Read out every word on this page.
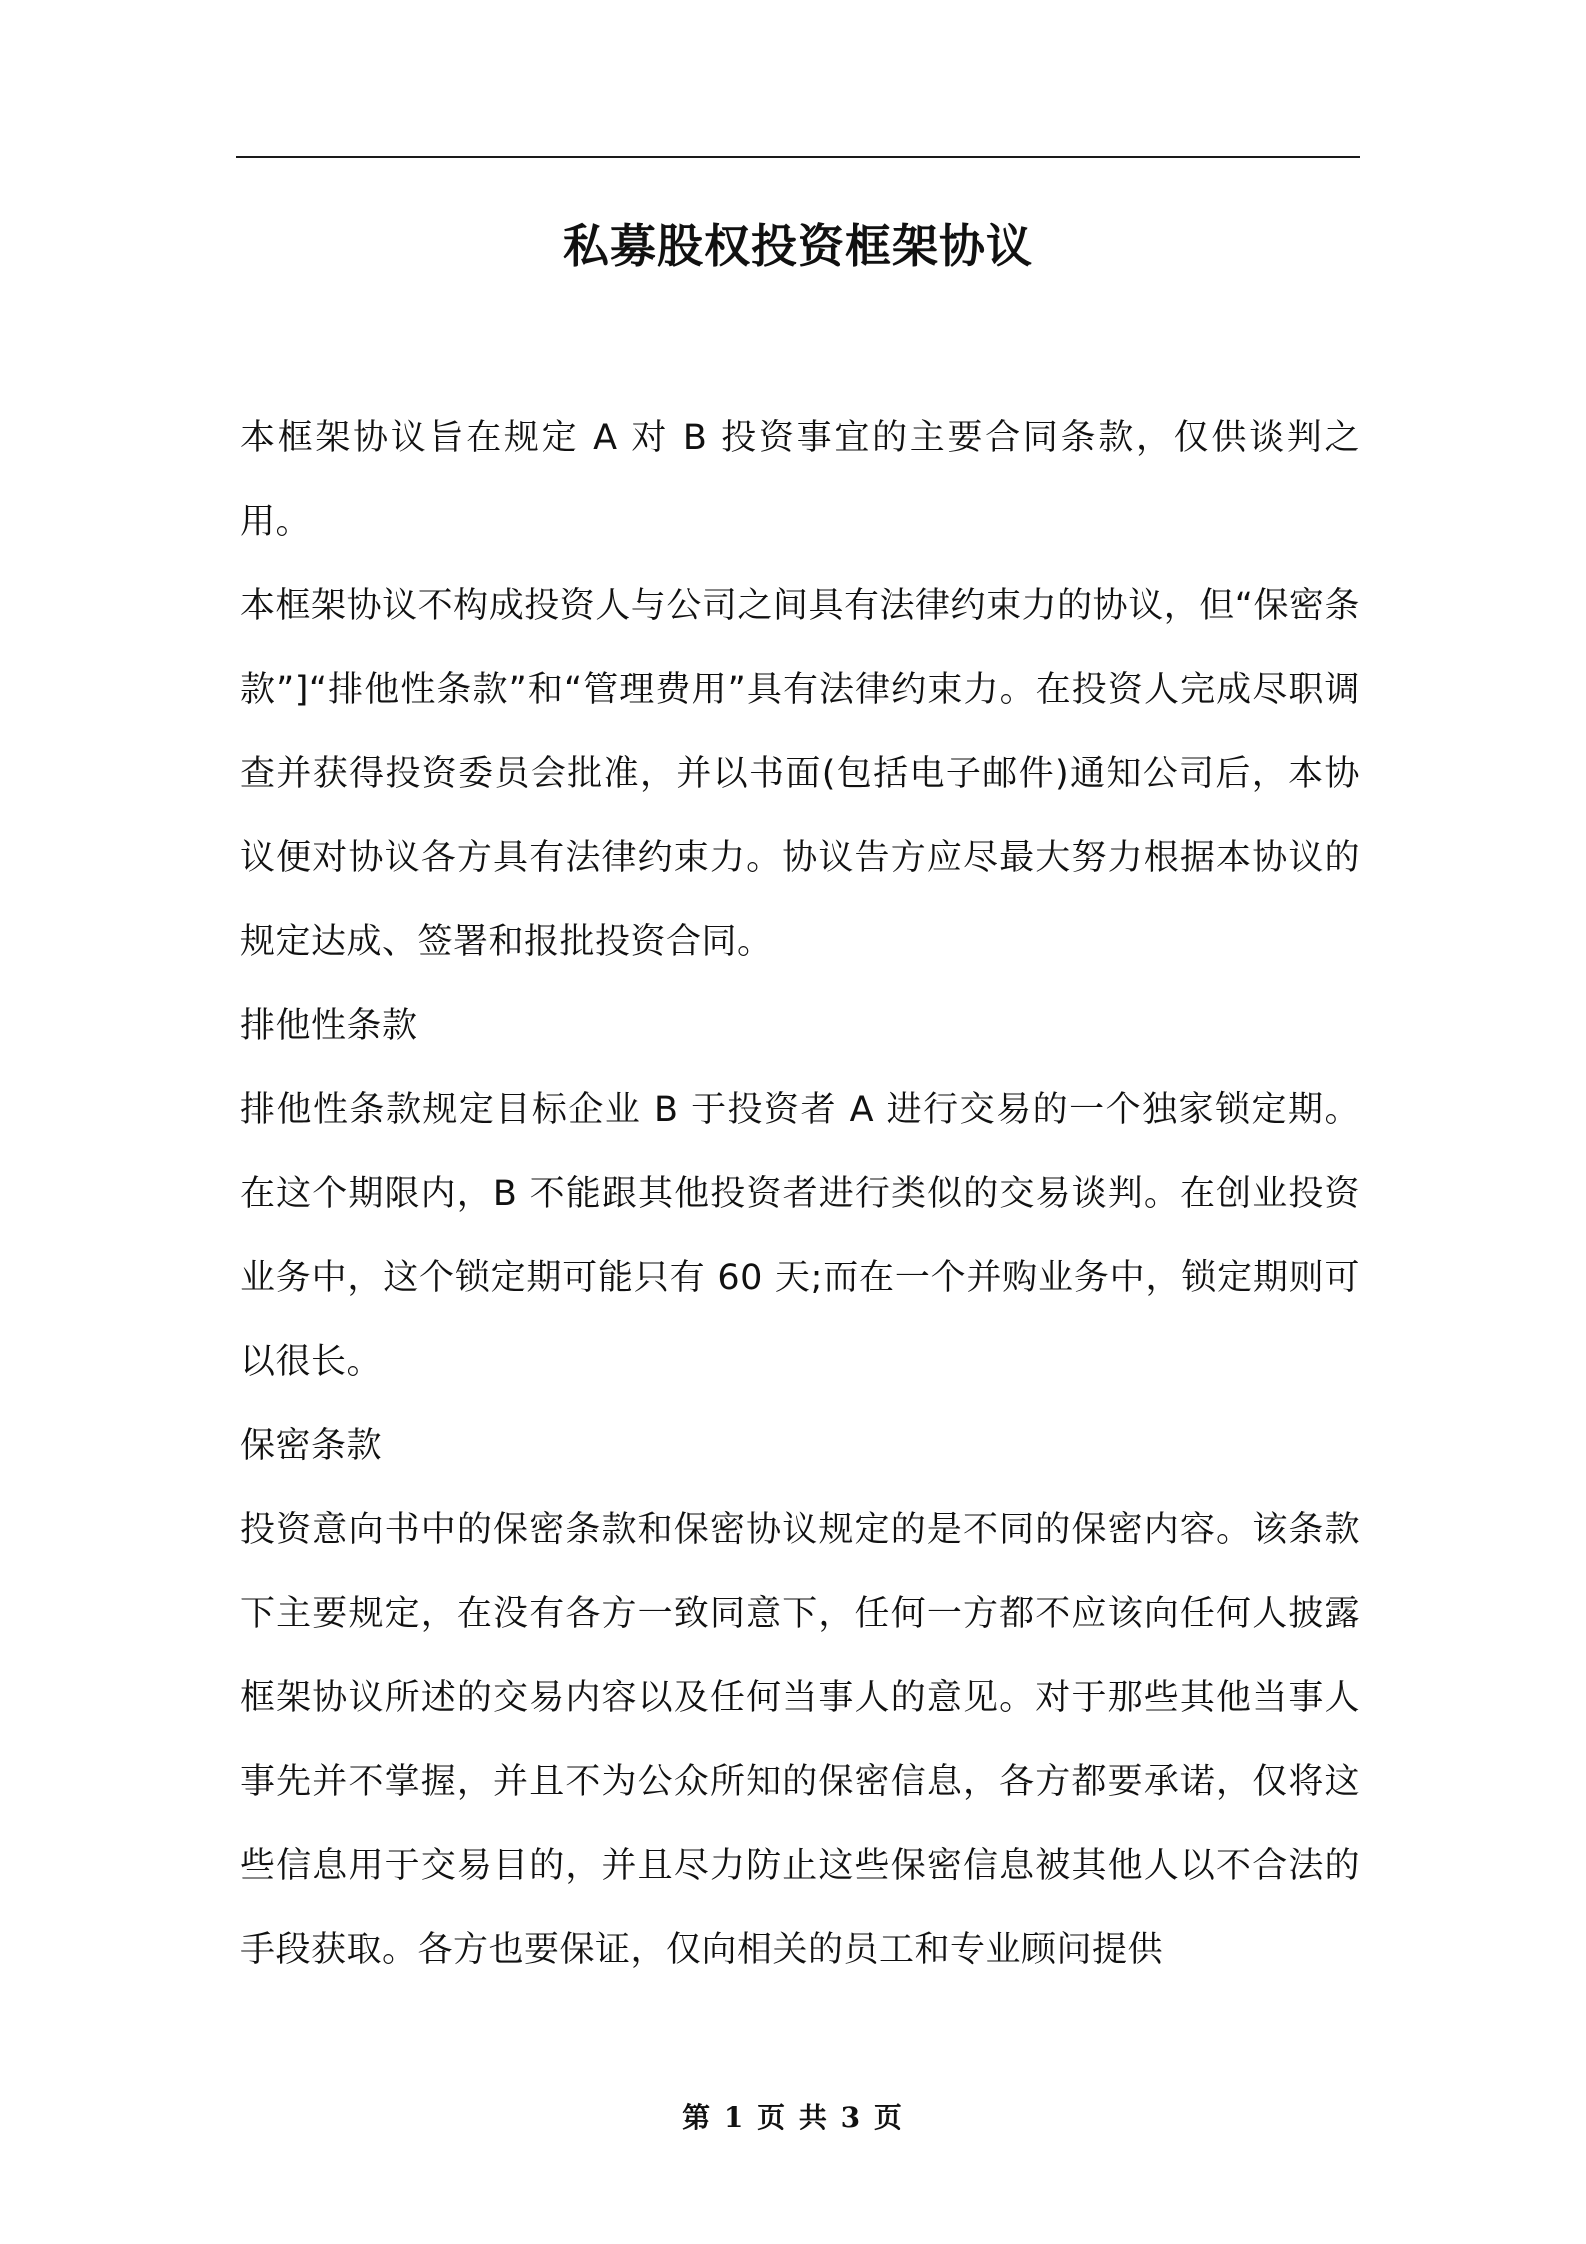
私募股权投资框架协议

本框架协议旨在规定 A 对 B 投资事宜的主要合同条款，仅供谈判之用。

本框架协议不构成投资人与公司之间具有法律约束力的协议，但“保密条款”]“排他性条款”和“管理费用”具有法律约束力。在投资人完成尽职调查并获得投资委员会批准，并以书面(包括电子邮件)通知公司后，本协议便对协议各方具有法律约束力。协议告方应尽最大努力根据本协议的规定达成、签署和报批投资合同。

排他性条款

排他性条款规定目标企业 B 于投资者 A 进行交易的一个独家锁定期。在这个期限内，B 不能跟其他投资者进行类似的交易谈判。在创业投资业务中，这个锁定期可能只有 60 天;而在一个并购业务中，锁定期则可以很长。

保密条款

投资意向书中的保密条款和保密协议规定的是不同的保密内容。该条款下主要规定，在没有各方一致同意下，任何一方都不应该向任何人披露框架协议所述的交易内容以及任何当事人的意见。对于那些其他当事人事先并不掌握，并且不为公众所知的保密信息，各方都要承诺，仅将这些信息用于交易目的，并且尽力防止这些保密信息被其他人以不合法的手段获取。各方也要保证，仅向相关的员工和专业顾问提供

第 1 页 共 3 页
